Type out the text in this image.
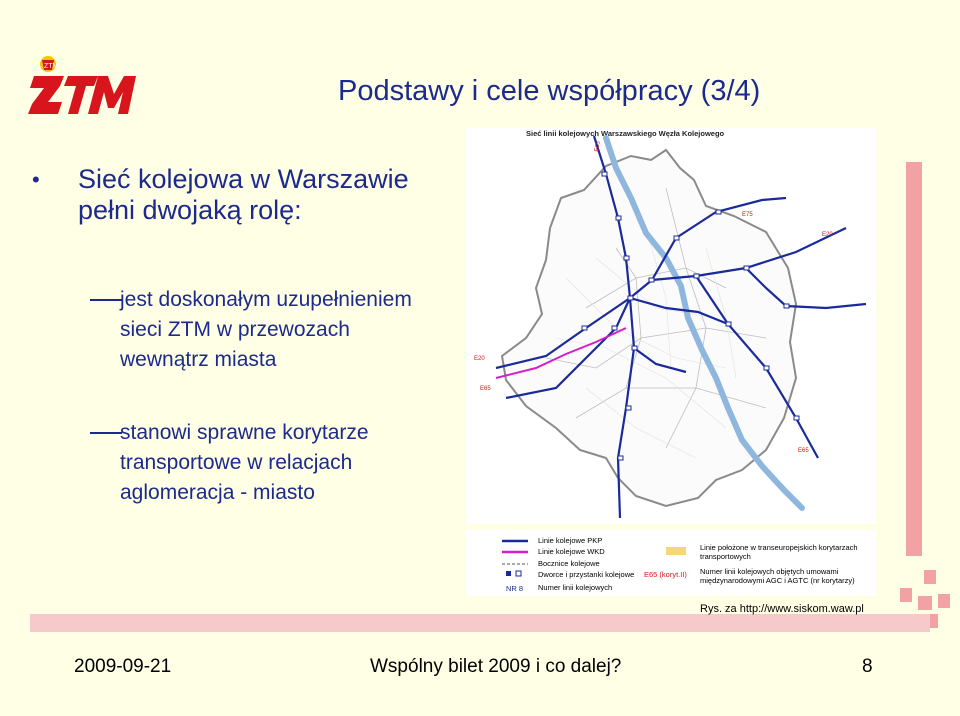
ZTM
Podstawy i cele współpracy (3/4)
• Sieć kolejowa w Warszawie pełni dwojaką rolę:
jest doskonałym uzupełnieniem sieci ZTM w przewozach wewnątrz miasta
stanowi sprawne korytarze transportowe w relacjach aglomeracja - miasto
Sieć linii kolejowych Warszawskiego Węzła Kolejowego
E75
E20
E20
E65
E65
E65
NR 8
Linie kolejowe PKP
Linie kolejowe WKD
Bocznice kolejowe
Dworce i przystanki kolejowe
Numer linii kolejowych
E65 (koryt.II)
Linie położone w transeuropejskich korytarzach transportowych
Numer linii kolejowych objętych umowami międzynarodowymi AGC i AGTC (nr korytarzy)
Rys. za http://www.siskom.waw.pl
2009-09-21	Wspólny bilet 2009 i co dalej?	8
